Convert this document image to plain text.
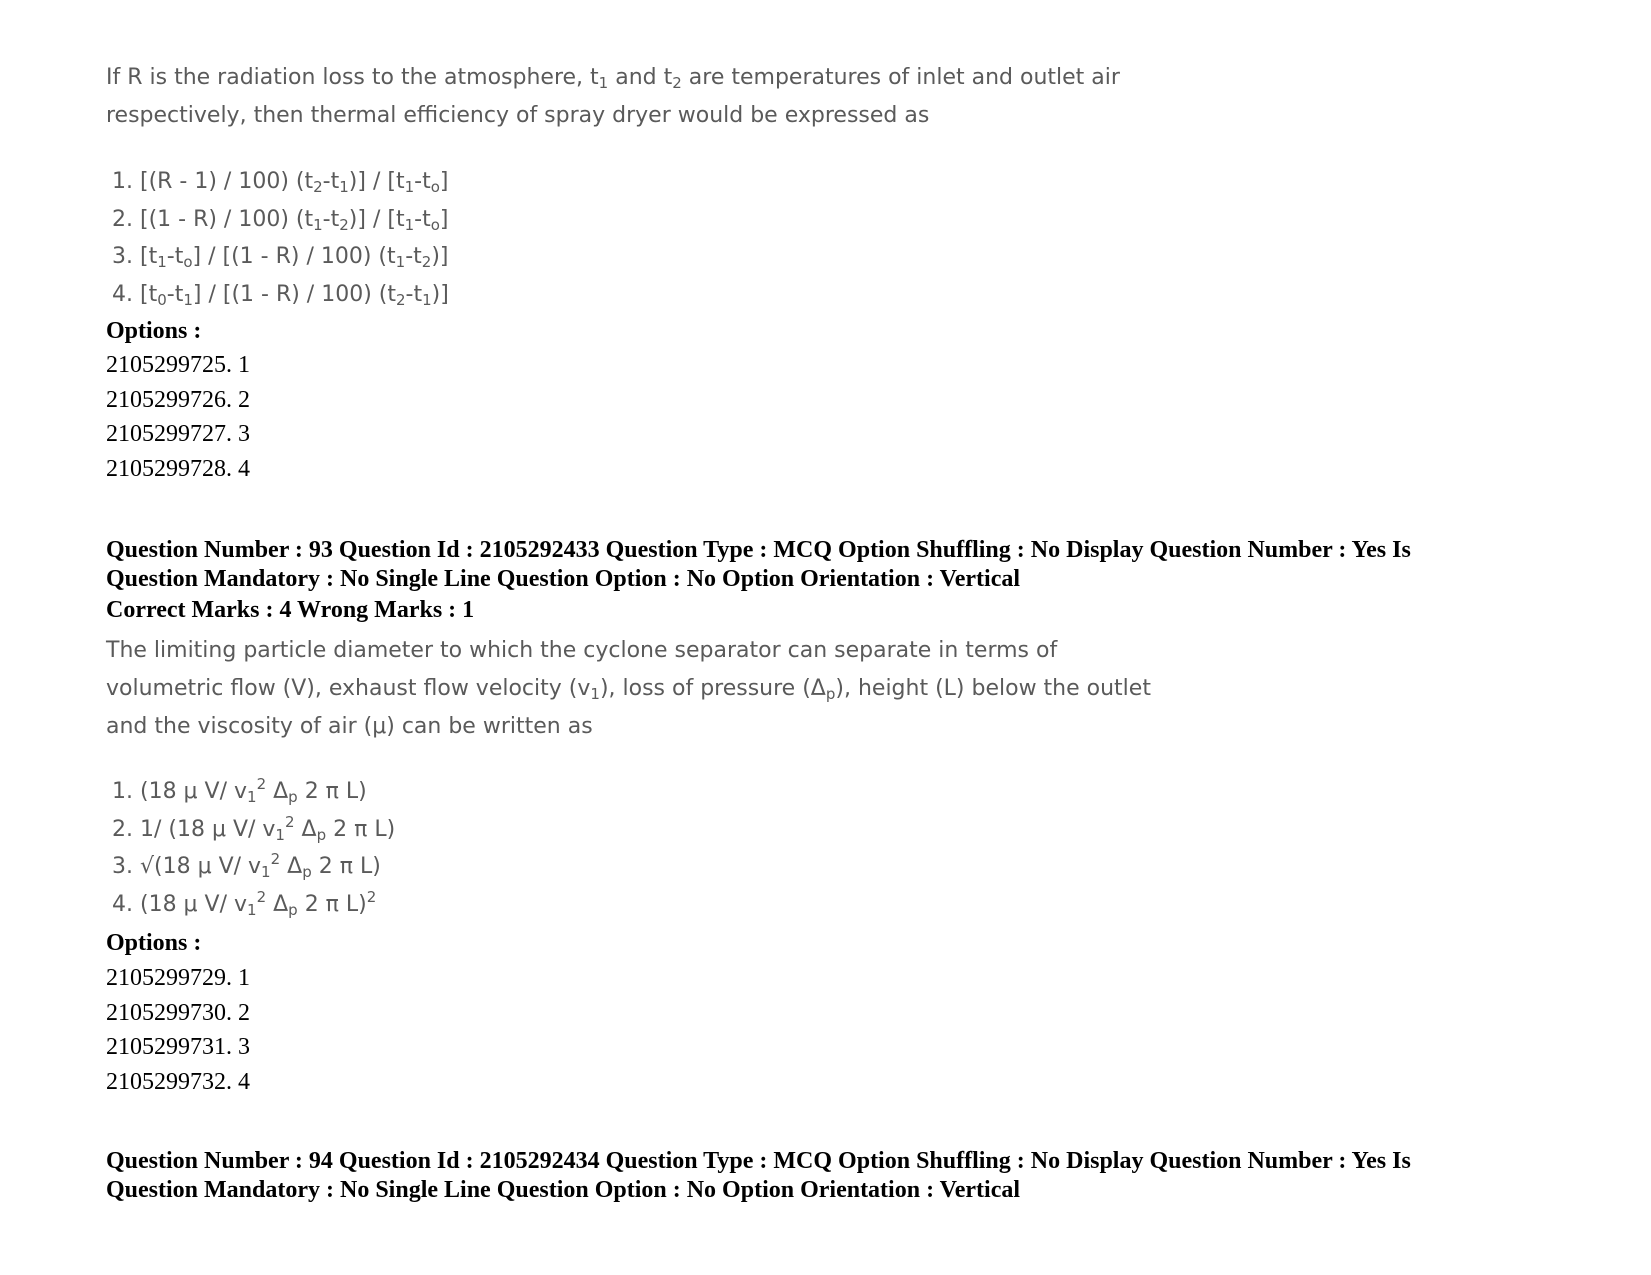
If R is the radiation loss to the atmosphere, $t_1$ and $t_2$ are temperatures of inlet and outlet air
respectively, then thermal efficiency of spray dryer would be expressed as
1. [(R - 1) / 100) $(t_2-t_1)] / [t_1-t_o]$
2. [(1 - R) / 100) $(t_1-t_2)] / [t_1-t_o]$
3. $[t_1-t_o] / [(1 - R) / 100)$ $(t_1-t_2)$]
4. $[t_0-t_1] / [(1 - R) / 100)$ $(t_2-t_1)$]
Options :
2105299725. 1
2105299726. 2
2105299727. 3
2105299728. 4
Question Number : 93 Question Id : 2105292433 Question Type : MCQ Option Shuffling : No Display Question Number : Yes Is
Question Mandatory : No Single Line Question Option : No Option Orientation : Vertical
Correct Marks : 4 Wrong Marks : 1
The limiting particle diameter to which the cyclone separator can separate in terms of
volumetric flow (V), exhaust flow velocity $(v_1)$, loss of pressure $(\Delta_p)$, height (L) below the outlet
and the viscosity of air (μ) can be written as
1. (18 μ V/ $v_1^2$ $\Delta_p$ 2 π L)
2. 1/ (18 μ V/ $v_1^2$ $\Delta_p$ 2 π L)
3. √(18 μ V/ $v_1^2$ $\Delta_p$ 2 π L)
4. (18 μ V/ $v_1^2$ $\Delta_p$ 2 π L)$^2$
Options :
2105299729. 1
2105299730. 2
2105299731. 3
2105299732. 4
Question Number : 94 Question Id : 2105292434 Question Type : MCQ Option Shuffling : No Display Question Number : Yes Is
Question Mandatory : No Single Line Question Option : No Option Orientation : Vertical
